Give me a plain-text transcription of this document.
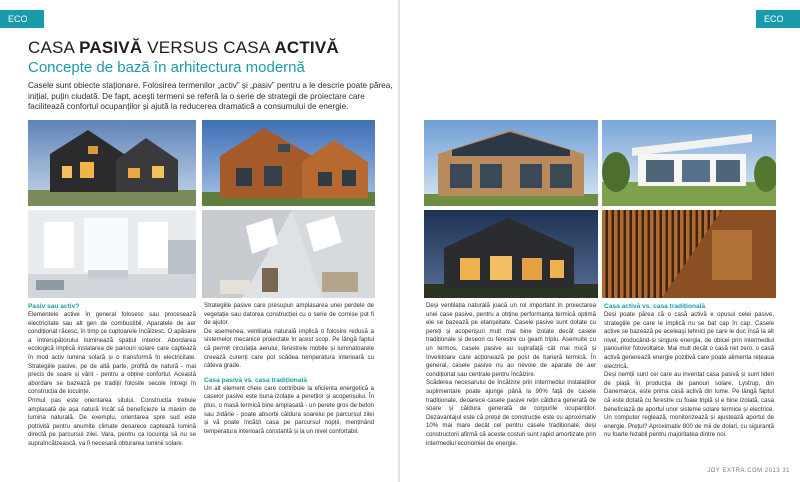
ECO
CASA PASIVĂ VERSUS CASA ACTIVĂ
Concepte de bază în arhitectura modernă

Casele sunt obiecte staționare. Folosirea termenilor „activ” și „pasiv” pentru a le descrie poate părea, inițial, puțin ciudată. De fapt, acești termeni se referă la o serie de strategii de proiectare care facilitează confortul ocupanților și ajută la reducerea dramatică a consumului de energie.

Pasiv sau activ?

Elementele active în general folosesc sau procesează electricitate sau alt gen de combustibil. Aparatele de aer condiționat răcesc, în timp ce cuptoarele încălzesc. O apăsare a întrerupătorului iluminează spațiul interior. Abordarea ecologică implică instalarea de panouri solare care captează în mod activ lumina solară și o transformă în electricitate. Strategiile pasive, pe de altă parte, profită de natură - mai precis de soare și vânt - pentru a obține confortul. Această abordare se bazează pe tradiții folosite secole întregi în construcția de locuințe.

Primul pas este orientarea sitului. Construcția trebuie amplasată de așa natură încât să beneficieze la maxim de lumina naturală. De exemplu, orientarea spre sud este potrivită pentru anumite climate deoarece captează lumină directă pe parcursul zilei. Vara, pentru ca locuința să nu se supraîncălzească, va fi necesară obturarea luminii solare.

Strategiile pasive care presupun amplasarea unei perdele de vegetație sau datorea construcției cu o serie de cornișe pot fi de ajutor.

De asemenea, ventilația naturală implică o folosire redusă a sistemelor mecanice proiectate în acest scop. Pe lângă faptul că permit circulația aerului, ferestrele mobile și luminatoarele creează curenți care pot scădea temperatura interioară cu câteva grade.

Casa pasivă vs. casa tradițională

Un alt element cheie care contribuie la eficienta energetică a caselor pasive este buna izolație a pereților și acoperișului. În plus, o masă termică bine amplasată - un perete gros de beton sau zidărie - poate absorbi căldura soarelui pe parcursul zilei și vă poate încălzi casa pe parcursul nopții, menținând temperatura interioară constantă și la un nivel confortabil.

ECO

Deși ventilația naturală joacă un rol important în proiectarea unei case pasive, pentru a obține performanța termică optimă ele se bazează pe etanșeitate. Casele pasive sunt dotate cu pereți și acoperișuri mult mai bine izolate decât casele tradiționale și deseori cu ferestre cu geam triplu. Asemuite cu un termos, casele pasive au suprafață cât mai mică și înveliitoare care acționează pe post de barieră termică. În general, casele pasive nu au nevoie de aparate de aer condiționat sau centrale pentru încălzire.

Scăderea necesarului de încălzire prin intermediul instalațiilor suplimentare poate ajunge până la 90% față de casele tradiționale, deoarece casele pasive rețin căldura generată de soare și căldura generată de corpurile ocupanților. Dezavantajul este că prețul de construcție este cu aproximativ 10% mai mare decât cel pentru casele tradiționale, deși constructorii afirmă că aceste costuri sunt rapid amortizate prin intermediul economiei de energie.

Casa activă vs. casa tradițională

Deși poate părea că o casă activă e opusul celei pasive, strategiile pe care le implică nu se bat cap în cap. Casele active se bazează pe aceleași tehnici pe care le duc însă la alt nivel, producând-și singure energia, de obicei prin intermediul panourilor fotovoltaice. Mai mult decât o casă net zero, o casă activă generează energie pozitivă care poate alimenta rețeaua electrică.

Deși nemții sunt cei care au inventat casa pasivă și sunt lideri de piață în producția de panouri solare, Lystrup, din Danemarca, este prima casă activă din lume. Pe lângă faptul că este dotată cu ferestre cu foaie triplă și e bine izolată, casa beneficiază de aportul unor sisteme solare termice și electrice. Un computer reglează, monitorizează și ajustează aportul de energie. Prețul? Aproximativ 800 de mii de dolari, cu siguranță nu foarte fezabil pentru majoritatea dintre noi.

JOY EXTRA.COM 2013 31
